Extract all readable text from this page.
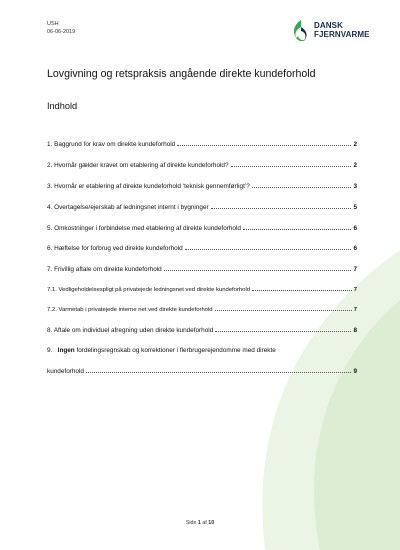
USH
06-06-2019
DANSK
FJERNVARME
Lovgivning og retspraksis angående direkte kundeforhold
Indhold
1. Baggrund for krav om direkte kundeforhold	2
2. Hvornår gælder kravet om etablering af direkte kundeforhold?	2
3. Hvornår er etablering af direkte kundeforhold ‘teknisk gennemførligt’?	3
4. Overtagelse/ejerskab af ledningsnet internt i bygninger	5
5. Omkostninger i forbindelse med etablering af direkte kundeforhold	6
6. Hæftelse for forbrug ved direkte kundeforhold	6
7. Frivillig aftale om direkte kundeforhold	7
7.1. Vedligeholdelsespligt på privatejede ledningsnet ved direkte kundeforhold	7
7.2. Varmetab i privatejede interne net ved direkte kundeforhold	7
8. Aftale om individuel afregning uden direkte kundeforhold	8
9. Ingen fordelingsregnskab og korrektioner i flerbrugerejendomme med direkte
kundeforhold	9
Side 1 af 10
